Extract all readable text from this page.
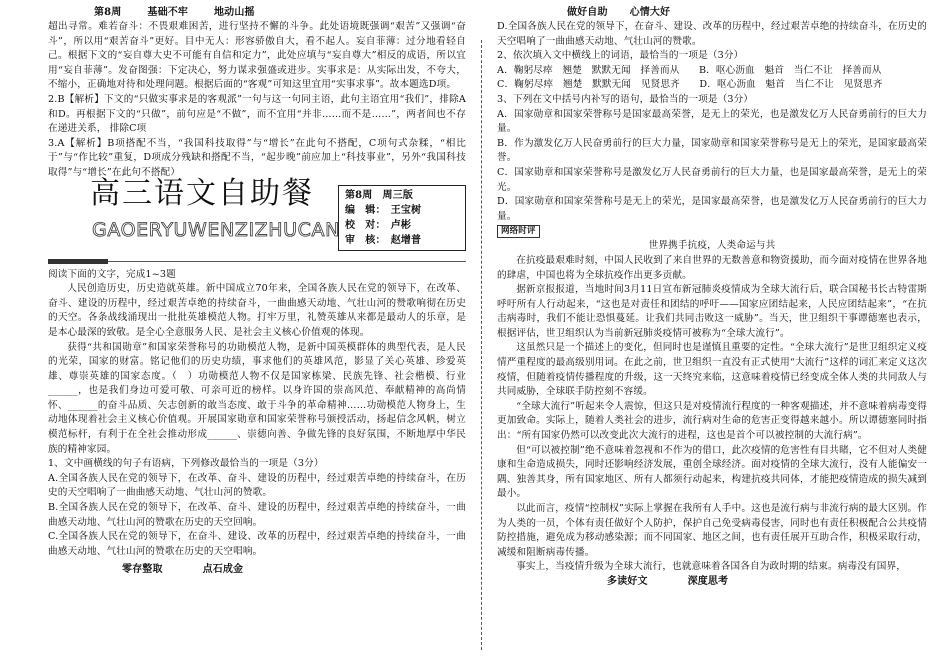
第8周	基础不牢	地动山摇

超出寻常。难若奋斗：不畏艰难困苦，进行坚持不懈的斗争。此处语境既强调“艰苦”又强调“奋斗”，所以用“艰苦奋斗”更好。目中无人：形容骄傲自大，看不起人。妄自菲薄：过分地看轻自己。根据下文的“妄自尊大史不可能有自信和定力”，此处应填与“妄自尊大”相反的成语，所以宜用“妄自菲薄”。发奋图强：下定决心，努力谋求强盛或进步。实事求是：从实际出发，不夸大，不缩小，正确地对待和处理问题。根据后面的“客观”可知这里宜用“实事求事”。故本题选D项。

2.B【解析】下文的“只做实事求是的客观派”一句与这一句同主语，此句主语宜用“我们”，排除A和D。再根据下文的“只做”，前句应是“不做”，而不宜用“并非……而不是……”，两者间也不存在递进关系， 排除C项

3.A【解析】B项搭配不当，“我国科技取得”与“增长”在此句不搭配，C项句式杂糅，“相比于”与“作比较”重复，D项成分残缺和搭配不当，“起步晚”前应加上“科技事业”，另外“我国科技取得”与“增长”在此句不搭配）

高三语文自助餐
GAOERYUWENZIZHUCAN
第8周　周三版
编　辑：　王宝树
校　对：　卢彬
审　核：　赵增普

阅读下面的文字，完成1~3题

人民创造历史，历史造就英雄。新中国成立70年来，全国各族人民在党的领导下，在改革、奋斗、建设的历程中，经过艰苦卓绝的持续奋斗，一曲曲感天动地、气壮山河的赞歌响彻在历史的天空。各条战线涌现出一批批英雄模范人物。打牢万里，礼赞英雄从来都是最动人的乐章，是是本心最深的致敬。是全心全意服务人民、是社会主义核心价值观的体现。

获得“共和国勋章”和国家荣誉称号的功勋模范人物，是新中国英模群体的典型代表，是人民的光荣，国家的财富。铭记他们的历史功绩，事求他们的英雄风范，影显了关心英雄、珍爱英雄、尊崇英雄的国家态度。（　）功勋模范人物不仅是国家栋梁、民族先锋、社会楷模、行业______，也是我们身边可爱可敬、可亲可近的榜样。以身许国的崇高风范、奉献精神的高尚情怀、______的奋斗品质、矢志创新的敢当态度、敢于斗争的革命精神……功勋模范人物身上，生动地体现着社会主义核心价值观。开展国家勋章和国家荣誉称号颁授活动，扬起信念风帆，树立模范标杆，有利于在全社会推动形成______、崇德向善、争做先锋的良好氛围，不断地厚中华民族的精神家园。

1、文中画横线的句子有语病，下列修改最恰当的一项是（3分）

A.全国各族人民在党的领导下，在改革、奋斗、建设的历程中，经过艰苦卓绝的持续奋斗，在历史的天空唱响了一曲曲感天动地、气壮山河的赞歌。

B.全国各族人民在党的领导下，在改革、奋斗、建设的历程中，经过艰苦卓绝的持续奋斗，一曲曲感天动地、气壮山河的赞歌在历史的天空回响。

C.全国各族人民在党的领导下，在奋斗、建设、改革的历程中，经过艰苦卓绝的持续奋斗，一曲曲感天动地、气壮山河的赞歌在历史的天空唱响。

零存整取	点石成金
做好自助 心情大好

D.全国各族人民在党的领导下，在奋斗、建设、改革的历程中，经过艰苦卓绝的持续奋斗，在历史的天空唱响了一曲曲感天动地、气壮山河的赞歌。

2、依次填入文中横线上的词语，最恰当的一项是（3分）

A．鞠躬尽瘁　翘楚　默默无闻　择善而从　　B．呕心沥血　魁首　当仁不让　择善而从

C．鞠躬尽瘁　翘楚　默默无闻　见贤思齐　　D．呕心沥血　魁首　当仁不让　见贤思齐

3、下列在文中括号内补写的语句，最恰当的一项是（3分）

A．国家勋章和国家荣誉称号是国家最高荣誉，是无上的荣光，也是激发亿万人民奋勇前行的巨大力量。

B．作为激发亿万人民奋勇前行的巨大力量，国家勋章和国家荣誉称号是无上的荣光，是国家最高荣誉。

C．国家勋章和国家荣誉称号是激发亿万人民奋勇前行的巨大力量，也是国家最高荣誉，是无上的荣光。

D．国家勋章和国家荣誉称号是无上的荣光，是国家最高荣誉，也是激发亿万人民奋勇前行的巨大力量。

网络时评

世界携手抗疫，人类命运与共

在抗疫最艰难时刻，中国人民收到了来自世界的无数善意和物资援助，而今面对疫情在世界各地的肆虐，中国也将为全球抗疫作出更多贡献。

据新京报报道，当地时间3月11日宣布新冠肺炎疫情成为全球大流行后，联合国秘书长古特雷斯呼吁所有人行动起来，“这也是对责任和团结的呼吁——国家应团结起来，人民应团结起来”，“在抗击病毒时，我们不能让恐惧蔓延。让我们共同击败这一威胁”。当天，世卫组织干事谭德塞也表示，根据评估，世卫组织认为当前新冠肺炎疫情可被称为“全球大流行”。

这虽然只是一个描述上的变化，但同时也是谨慎且重要的定性。“全球大流行”是世卫组织定义疫情严重程度的最高级别用词。在此之前，世卫组织一直没有正式使用“大流行”这样的词汇来定义这次疫情，但随着疫情传播程度的升级，这一天终究来临，这意味着疫情已经变成全体人类的共同敌人与共同威胁，全球联手防控刻不容缓。

“全球大流行”听起来令人震惊，但这只是对疫情流行程度的一种客观描述，并不意味着病毒变得更加致命。实际上，随着人类社会的进步，流行病对生命的危害正变得越来越小。所以谭德塞同时指出：“所有国家仍然可以改变此次大流行的进程，这也是首个可以被控制的大流行病”。

但“可以被控制”绝不意味着忽视和不作为的借口，此次疫情的危害性有目共睹，它不但对人类健康和生命造成损失，同时还影响经济发展，重创全球经济。面对疫情的全球大流行，没有人能偏安一隅、独善其身，所有国家地区、所有人都须行动起来，构建抗疫共同体，才能把疫情造成的损失减到最小。

以此而言，疫情“控制权”实际上掌握在我所有人手中。这也是流行病与非流行病的最大区别。作为人类的一员，个体有责任做好个人防护，保护自己免受病毒侵害，同时也有责任积极配合公共疫情防控措施，避免成为移动感染源；而不同国家、地区之间，也有责任展开互助合作，积极采取行动，减缓和阻断病毒传播。

事实上，当疫情升级为全球大流行，也就意味着各国各自为政时期的结束。病毒没有国界，

多读好文	深度思考
